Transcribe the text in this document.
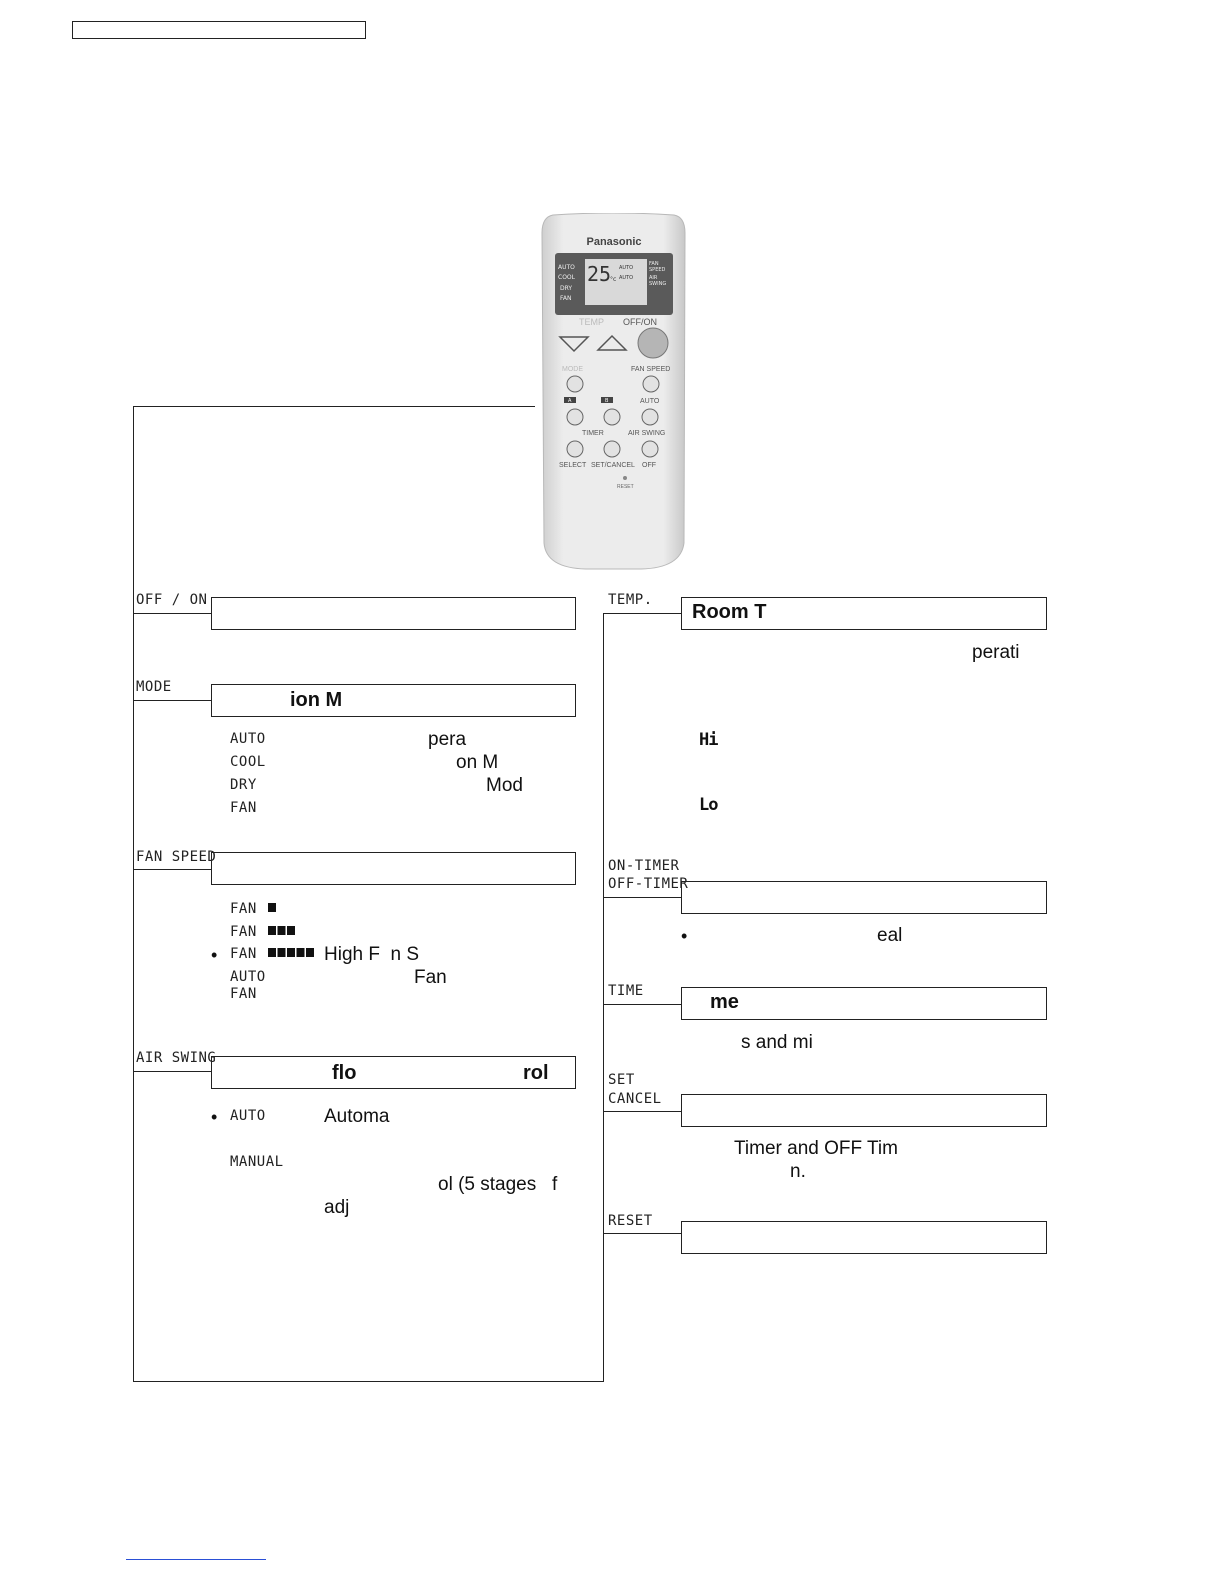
Panasonic
AUTO
COOL
DRY
FAN
25
°c
AUTO
AUTO
FAN
SPEED
AIR
SWING
TEMP OFF/ON
MODE	FAN SPEED
A	B	AUTO
TIMER	AIR SWING
SELECT SET/CANCEL OFF
RESET
OFF / ON
MODE
ion M
AUTO	pera
COOL	on M
DRY	Mod
FAN
FAN SPEED
FAN
FAN
• FAN	High F  n S
AUTO
FAN
Fan
AIR SWING
flo	rol
• AUTO	Automa
MANUAL
ol (5 stages   f
adj
TEMP.
Room T
perati
Hi
Lo
ON-TIMER
OFF-TIMER
•	eal
TIME	me
s and mi
SET
CANCEL
Timer and OFF Tim
n.
RESET
